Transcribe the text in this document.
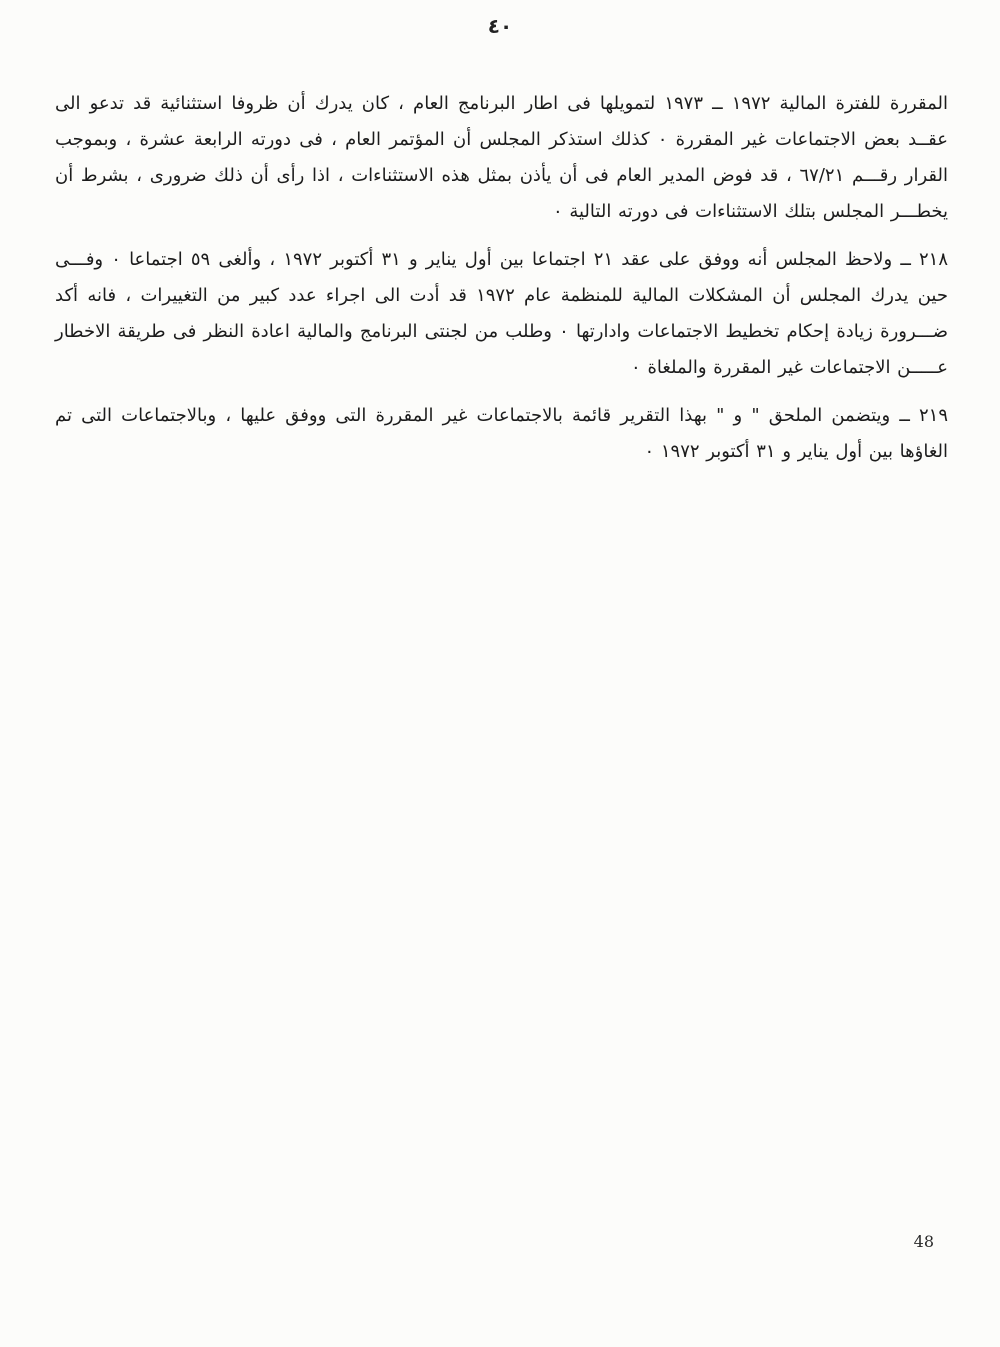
٤٠

المقررة للفترة المالية ١٩٧٢ ــ ١٩٧٣ لتمويلها فى اطار البرنامج العام ، كان يدرك أن ظروفا استثنائية قد تدعو الى عقــد بعض الاجتماعات غير المقررة ٠ كذلك استذكر المجلس أن المؤتمر العام ، فى دورته الرابعة عشرة ، وبموجب القرار رقـــم ٦٧/٢١ ، قد فوض المدير العام فى أن يأذن بمثل هذه الاستثناءات ، اذا رأى أن ذلك ضرورى ، بشرط أن يخطـــر المجلس بتلك الاستثناءات فى دورته التالية ٠

٢١٨ ــ ولاحظ المجلس أنه ووفق على عقد ٢١ اجتماعا بين أول يناير و ٣١ أكتوبر ١٩٧٢ ، وألغى ٥٩ اجتماعا ٠ وفـــى حين يدرك المجلس أن المشكلات المالية للمنظمة عام ١٩٧٢ قد أدت الى اجراء عدد كبير من التغييرات ، فانه أكد ضـــرورة زيادة إحكام تخطيط الاجتماعات وادارتها ٠ وطلب من لجنتى البرنامج والمالية اعادة النظر فى طريقة الاخطار عـــــن الاجتماعات غير المقررة والملغاة ٠

٢١٩ ــ ويتضمن الملحق " و " بهذا التقرير قائمة بالاجتماعات غير المقررة التى ووفق عليها ، وبالاجتماعات التى تم الغاؤها بين أول يناير و ٣١ أكتوبر ١٩٧٢ ٠

48
